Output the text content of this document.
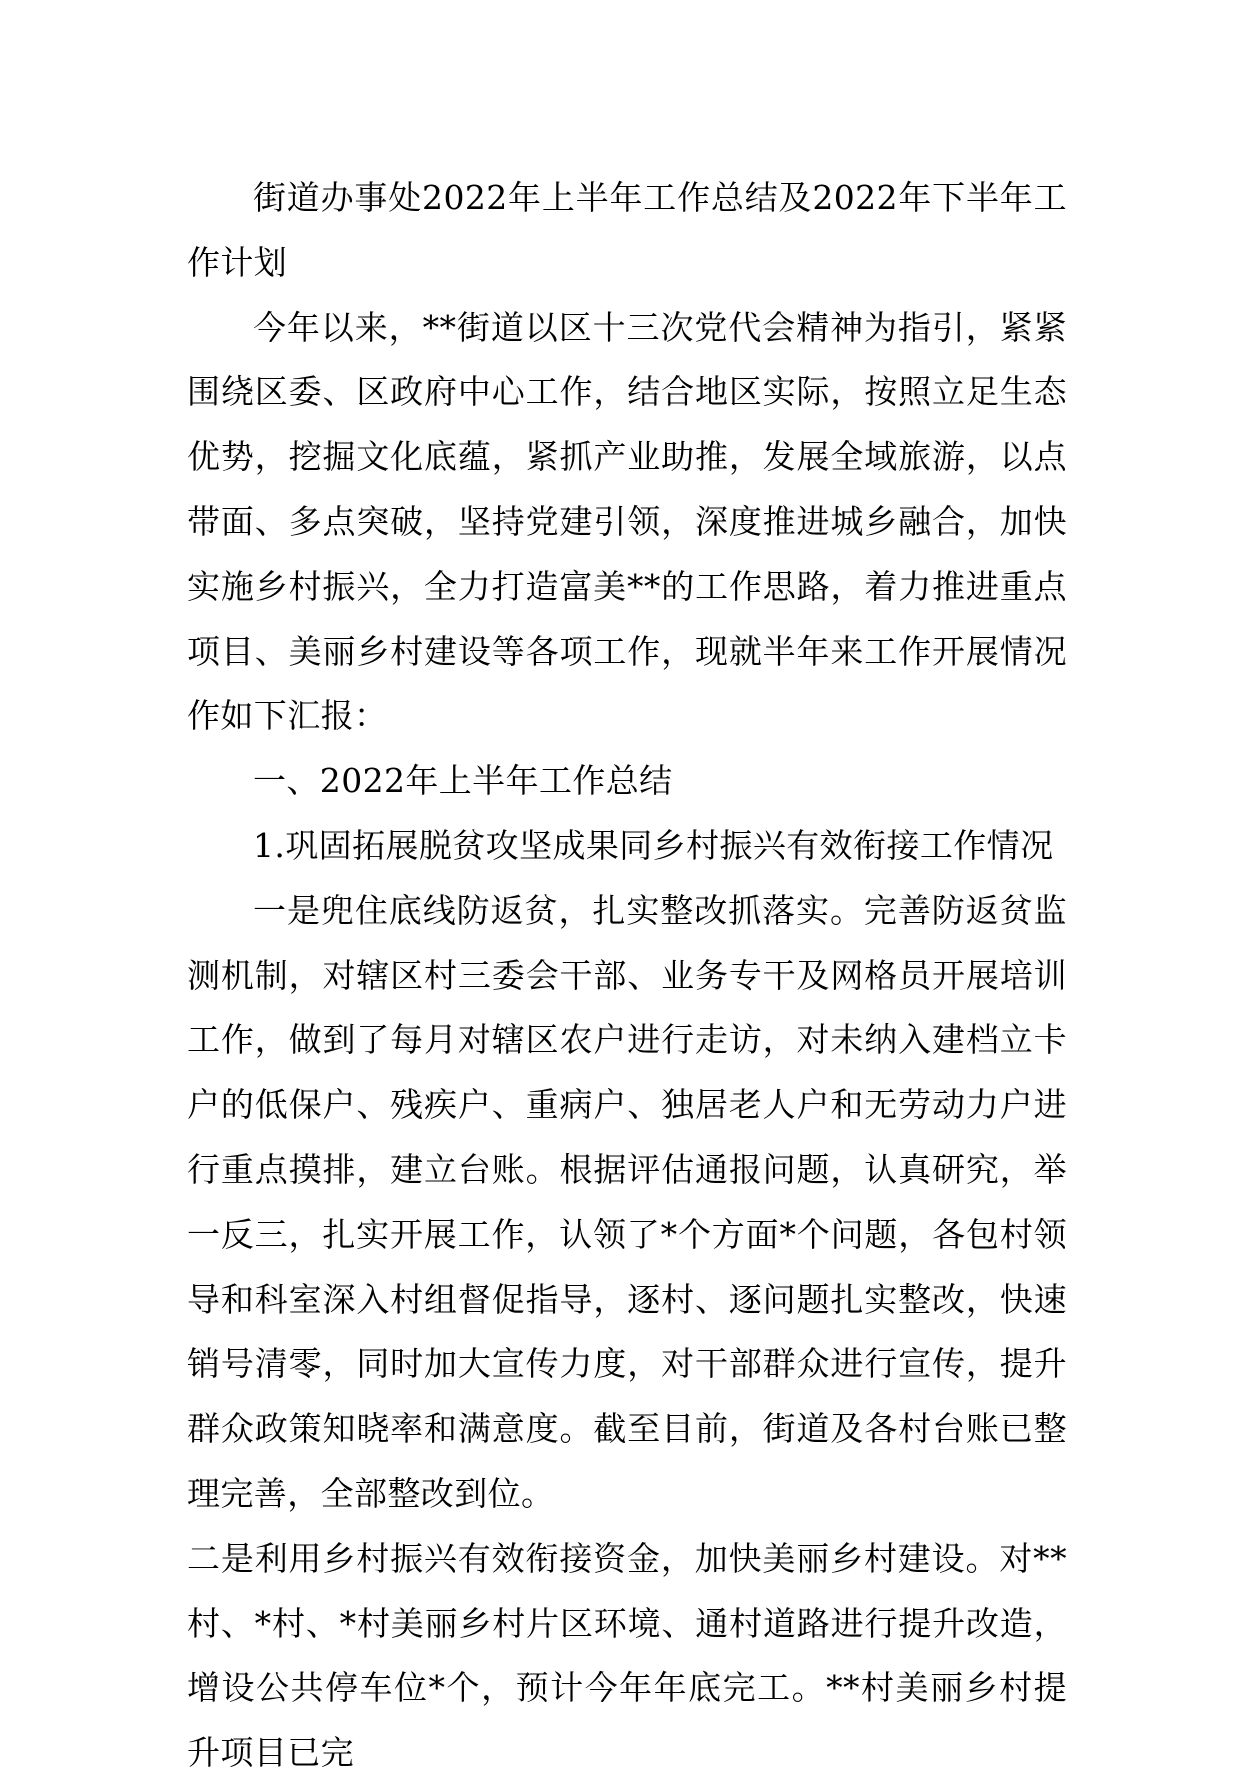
街道办事处2022年上半年工作总结及2022年下半年工作计划

今年以来，**街道以区十三次党代会精神为指引，紧紧围绕区委、区政府中心工作，结合地区实际，按照立足生态优势，挖掘文化底蕴，紧抓产业助推，发展全域旅游，以点带面、多点突破，坚持党建引领，深度推进城乡融合，加快实施乡村振兴，全力打造富美**的工作思路，着力推进重点项目、美丽乡村建设等各项工作，现就半年来工作开展情况作如下汇报：

一、2022年上半年工作总结

1.巩固拓展脱贫攻坚成果同乡村振兴有效衔接工作情况

一是兜住底线防返贫，扎实整改抓落实。完善防返贫监测机制，对辖区村三委会干部、业务专干及网格员开展培训工作，做到了每月对辖区农户进行走访，对未纳入建档立卡户的低保户、残疾户、重病户、独居老人户和无劳动力户进行重点摸排，建立台账。根据评估通报问题，认真研究，举一反三，扎实开展工作，认领了*个方面*个问题，各包村领导和科室深入村组督促指导，逐村、逐问题扎实整改，快速销号清零，同时加大宣传力度，对干部群众进行宣传，提升群众政策知晓率和满意度。截至目前，街道及各村台账已整理完善，全部整改到位。

二是利用乡村振兴有效衔接资金，加快美丽乡村建设。对**村、*村、*村美丽乡村片区环境、通村道路进行提升改造，增设公共停车位*个，预计今年年底完工。**村美丽乡村提升项目已完
